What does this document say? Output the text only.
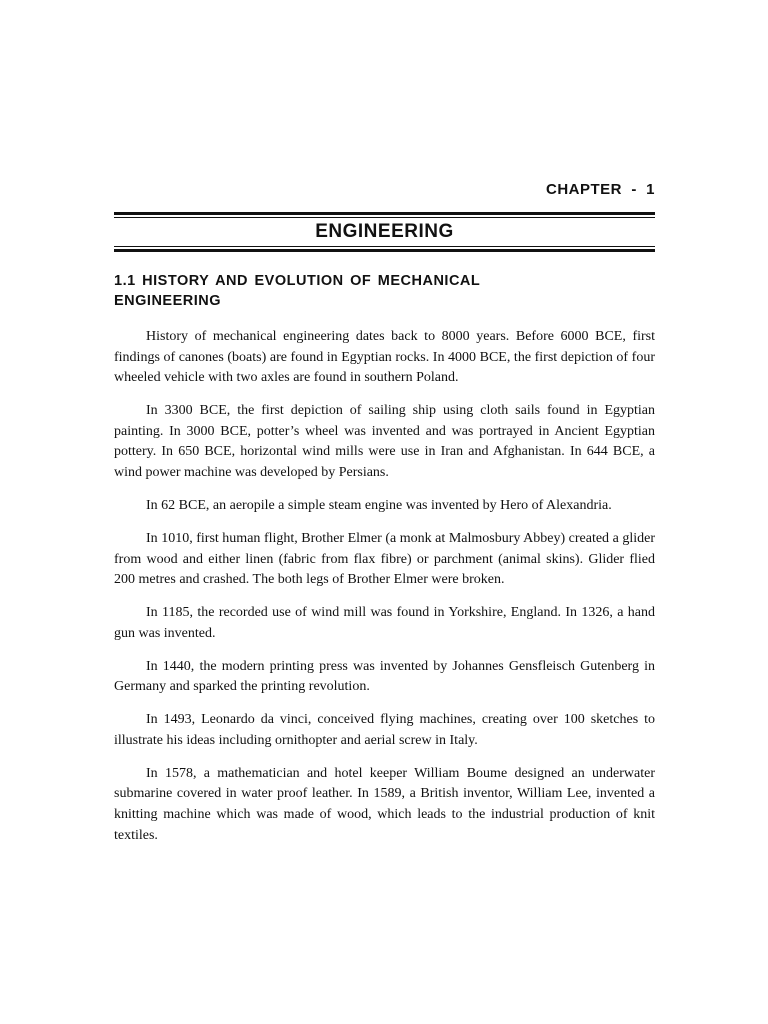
CHAPTER  -  1
ENGINEERING
1.1 HISTORY AND EVOLUTION OF MECHANICAL ENGINEERING

History of mechanical engineering dates back to 8000 years. Before 6000 BCE, first findings of canones (boats) are found in Egyptian rocks. In 4000 BCE, the first depiction of four wheeled vehicle with two axles are found in southern Poland.

In 3300 BCE, the first depiction of sailing ship using cloth sails found in Egyptian painting. In 3000 BCE, potter’s wheel was invented and was portrayed in Ancient Egyptian pottery. In 650 BCE, horizontal wind mills were use in Iran and Afghanistan. In 644 BCE, a wind power machine was developed by Persians.

In 62 BCE, an aeropile a simple steam engine was invented by Hero of Alexandria.

In 1010, first human flight, Brother Elmer (a monk at Malmosbury Abbey) created a glider from wood and either linen (fabric from flax fibre) or parchment (animal skins). Glider flied 200 metres and crashed. The both legs of Brother Elmer were broken.

In 1185, the recorded use of wind mill was found in Yorkshire, England. In 1326, a hand gun was invented.

In 1440, the modern printing press was invented by Johannes Gensfleisch Gutenberg in Germany and sparked the printing revolution.

In 1493, Leonardo da vinci, conceived flying machines, creating over 100 sketches to illustrate his ideas including ornithopter and aerial screw in Italy.

In 1578, a mathematician and hotel keeper William Boume designed an underwater submarine covered in water proof leather. In 1589, a British inventor, William Lee, invented a knitting machine which was made of wood, which leads to the industrial production of knit textiles.
